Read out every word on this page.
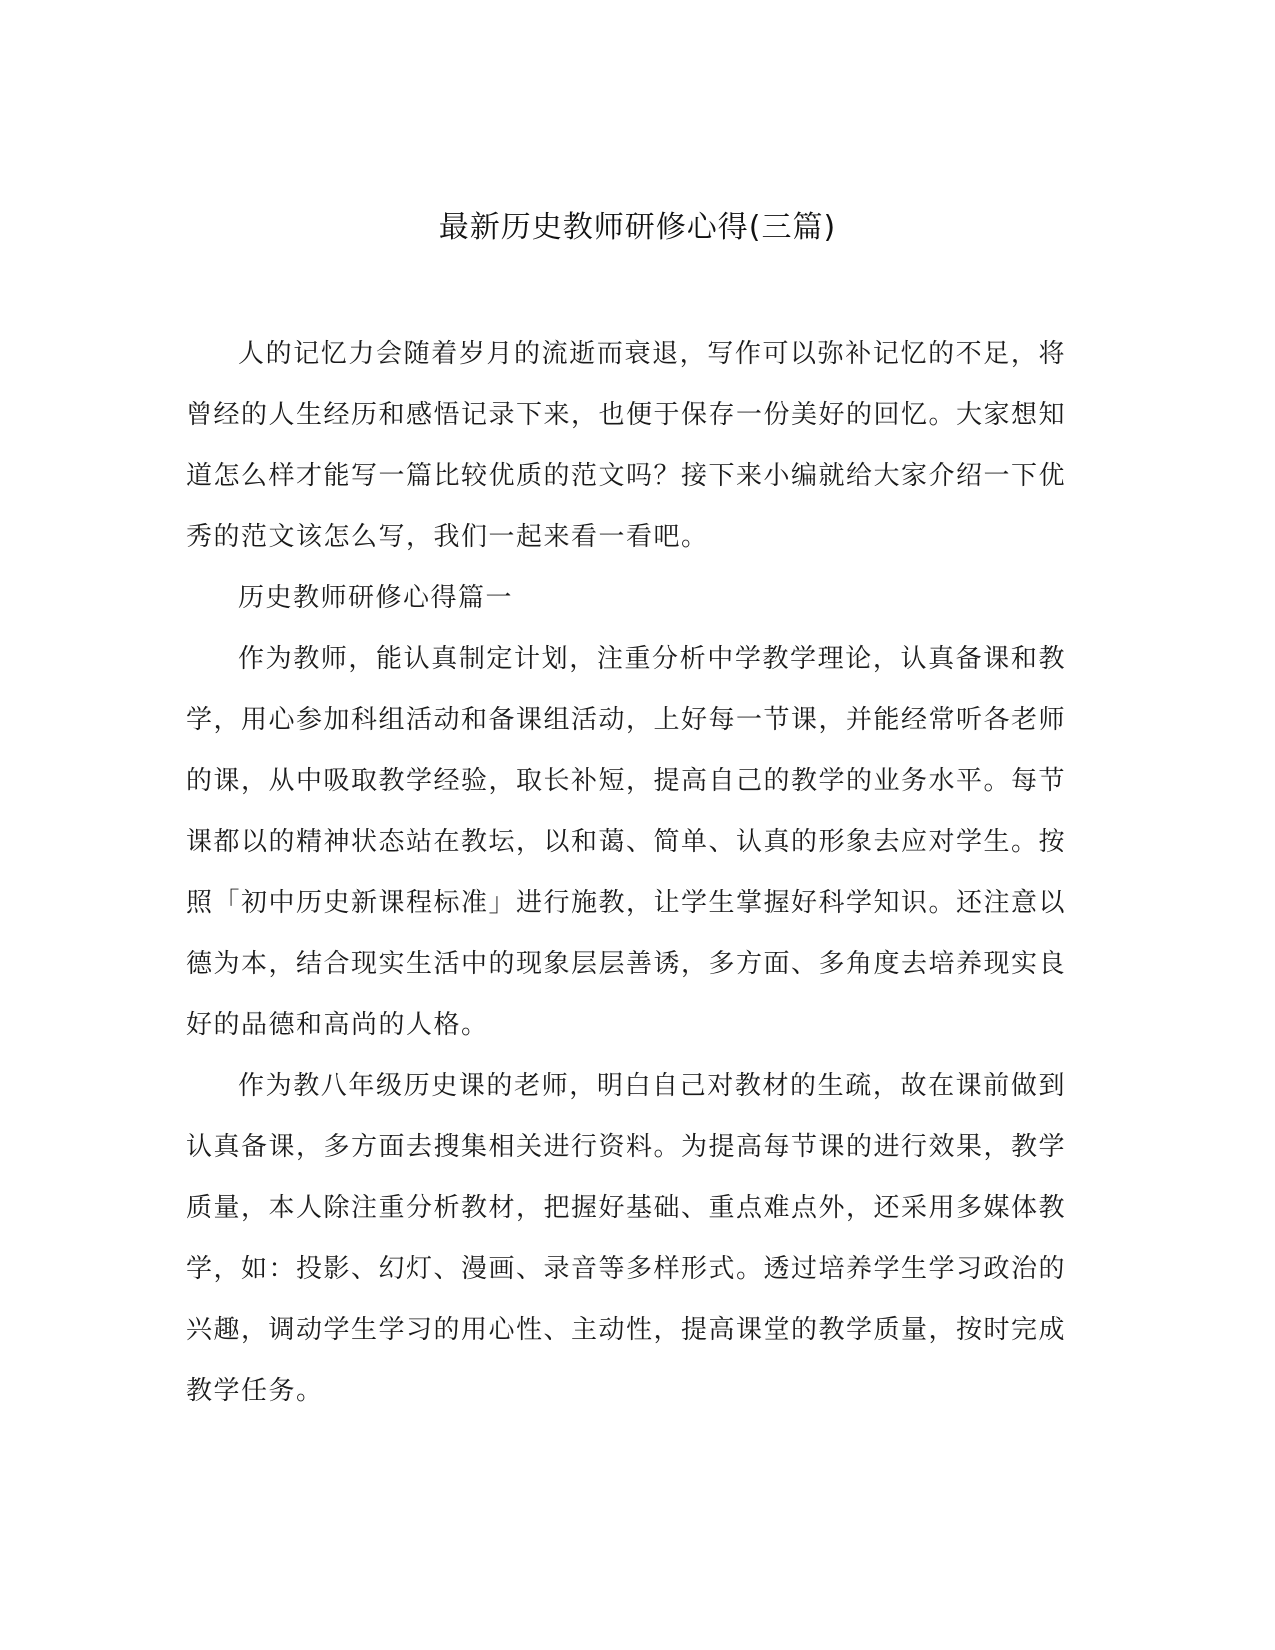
最新历史教师研修心得(三篇)

人的记忆力会随着岁月的流逝而衰退，写作可以弥补记忆的不足，将曾经的人生经历和感悟记录下来，也便于保存一份美好的回忆。大家想知道怎么样才能写一篇比较优质的范文吗？接下来小编就给大家介绍一下优秀的范文该怎么写，我们一起来看一看吧。

历史教师研修心得篇一

作为教师，能认真制定计划，注重分析中学教学理论，认真备课和教学，用心参加科组活动和备课组活动，上好每一节课，并能经常听各老师的课，从中吸取教学经验，取长补短，提高自己的教学的业务水平。每节课都以的精神状态站在教坛，以和蔼、简单、认真的形象去应对学生。按照「初中历史新课程标准」进行施教，让学生掌握好科学知识。还注意以德为本，结合现实生活中的现象层层善诱，多方面、多角度去培养现实良好的品德和高尚的人格。

作为教八年级历史课的老师，明白自己对教材的生疏，故在课前做到认真备课，多方面去搜集相关进行资料。为提高每节课的进行效果，教学质量，本人除注重分析教材，把握好基础、重点难点外，还采用多媒体教学，如：投影、幻灯、漫画、录音等多样形式。透过培养学生学习政治的兴趣，调动学生学习的用心性、主动性，提高课堂的教学质量，按时完成教学任务。
